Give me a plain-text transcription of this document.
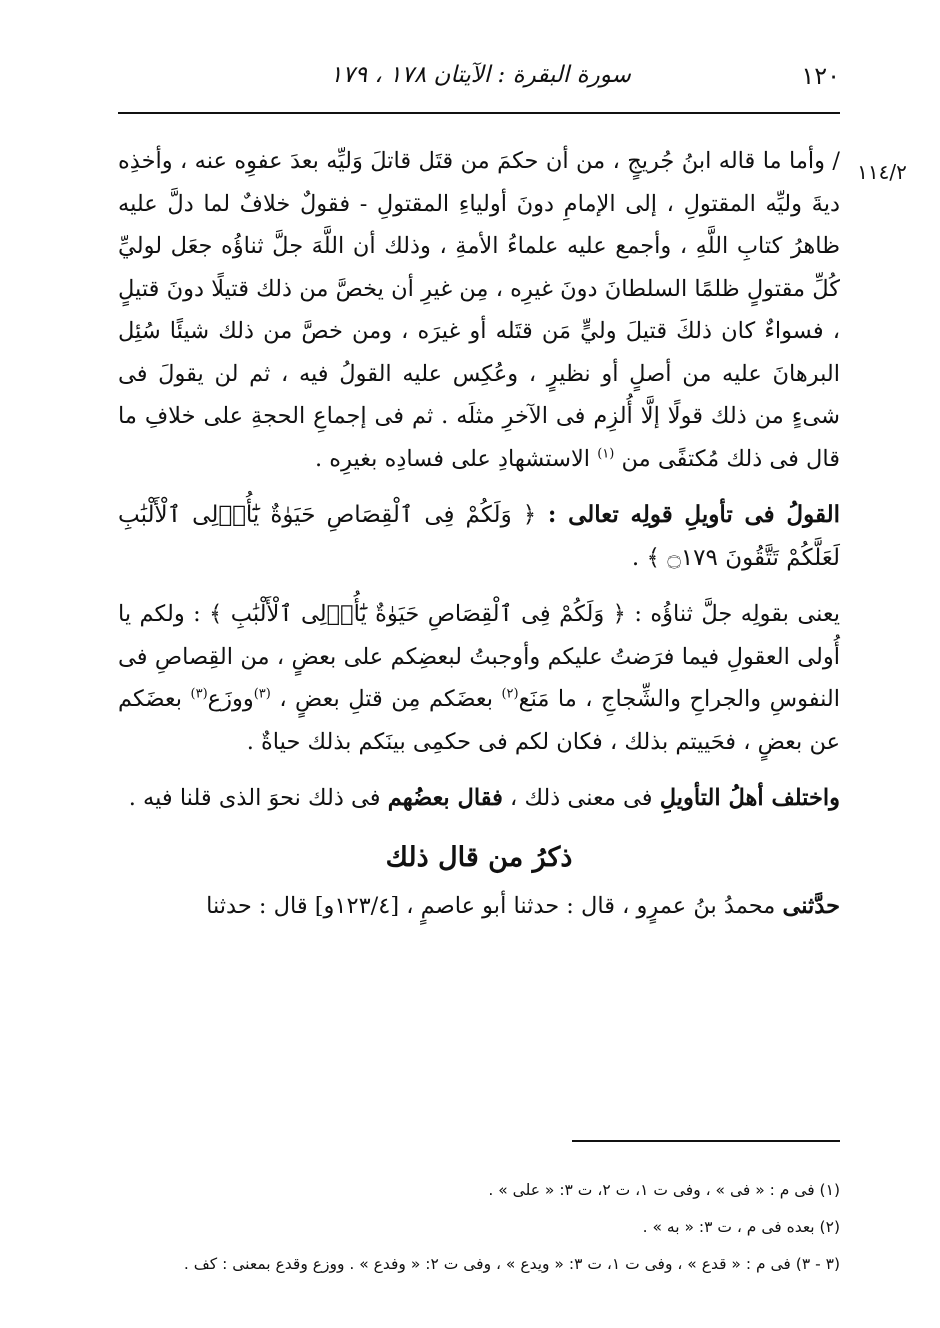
١٢٠
سورة البقرة : الآيتان ١٧٨ ، ١٧٩
١١٤/٢

/ وأما ما قاله ابنُ جُريجٍ ، من أن حكمَ من قتَل قاتلَ وَليِّه بعدَ عفوِه عنه ، وأخذِه ديةَ وليِّه المقتولِ ، إلى الإمامِ دونَ أولياءِ المقتولِ - فقولٌ خلافٌ لما دلَّ عليه ظاهرُ كتابِ اللَّهِ ، وأجمع عليه علماءُ الأمةِ ، وذلك أن اللَّهَ جلَّ ثناؤُه جعَل لوليِّ كُلِّ مقتولٍ ظلمًا السلطانَ دونَ غيرِه ، مِن غيرِ أن يخصَّ من ذلك قتيلًا دونَ قتيلٍ ، فسواءٌ كان ذلكَ قتيلَ وليٍّ مَن قتَله أو غيرَه ، ومن خصَّ من ذلك شيئًا سُئِل البرهانَ عليه من أصلٍ أو نظيرٍ ، وعُكِس عليه القولُ فيه ، ثم لن يقولَ فى شىءٍ من ذلك قولًا إلَّا أُلزِم فى الآخرِ مثلَه . ثم فى إجماعِ الحجةِ على خلافِ ما قال فى ذلك مُكتفًى من $^{(١)}$ الاستشهادِ على فسادِه بغيرِه .

القولُ فى تأويلِ قولِه تعالى : ﴿ وَلَكُمْ فِى ٱلْقِصَاصِ حَيَوٰةٌ يَٰٓأُو۟لِى ٱلْأَلْبَٰبِ لَعَلَّكُمْ تَتَّقُونَ ۝١٧٩ ﴾ .

يعنى بقولِه جلَّ ثناؤُه : ﴿ وَلَكُمْ فِى ٱلْقِصَاصِ حَيَوٰةٌ يَٰٓأُو۟لِى ٱلْأَلْبَٰبِ ﴾ : ولكم يا أُولى العقولِ فيما فرَضتُ عليكم وأوجبتُ لبعضِكم على بعضٍ ، من القِصاصِ فى النفوسِ والجراحِ والشِّجاجِ ، ما مَنَع$^{(٢)}$ بعضَكم مِن قتلِ بعضٍ ، $^{(٣)}$ووزَع$^{(٣)}$ بعضَكم عن بعضٍ ، فحَييتم بذلك ، فكان لكم فى حكمِى بينَكم بذلك حياةٌ .

واختلف أهلُ التأويلِ فى معنى ذلك ، فقال بعضُهم فى ذلك نحوَ الذى قلنا فيه .

ذكرُ من قال ذلك

حدَّثنى محمدُ بنُ عمرٍو ، قال : حدثنا أبو عاصمٍ ، [١٢٣/٤و] قال : حدثنا

(١) فى م : « فى » ، وفى ت ١، ت ٢، ت ٣: « على » .

(٢) بعده فى م ، ت ٣: « به » .

(٣ - ٣) فى م : « قدع » ، وفى ت ١، ت ٣: « ويدع » ، وفى ت ٢: « وفدع » . ووزع وقدع بمعنى : كف .
